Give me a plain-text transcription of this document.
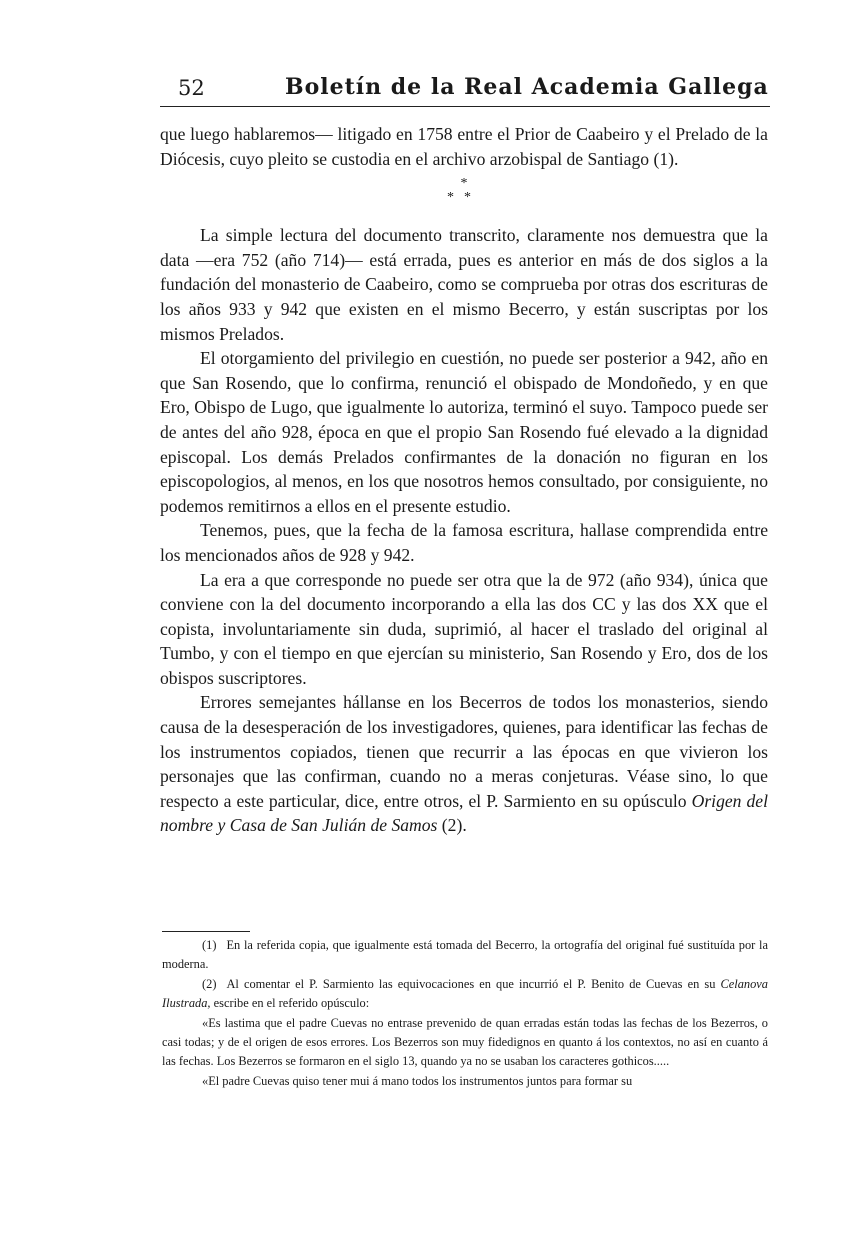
52	Boletín de la Real Academia Gallega

que luego hablaremos— litigado en 1758 entre el Prior de Caabeiro y el Prelado de la Diócesis, cuyo pleito se custodia en el archivo arzobispal de Santiago (1).

*
**

La simple lectura del documento transcrito, claramente nos demuestra que la data —era 752 (año 714)— está errada, pues es anterior en más de dos siglos a la fundación del monasterio de Caabeiro, como se comprueba por otras dos escrituras de los años 933 y 942 que existen en el mismo Becerro, y están suscriptas por los mismos Prelados.

El otorgamiento del privilegio en cuestión, no puede ser posterior a 942, año en que San Rosendo, que lo confirma, renunció el obispado de Mondoñedo, y en que Ero, Obispo de Lugo, que igualmente lo autoriza, terminó el suyo. Tampoco puede ser de antes del año 928, época en que el propio San Rosendo fué elevado a la dignidad episcopal. Los demás Prelados confirmantes de la donación no figuran en los episcopologios, al menos, en los que nosotros hemos consultado, por consiguiente, no podemos remitirnos a ellos en el presente estudio.

Tenemos, pues, que la fecha de la famosa escritura, hallase comprendida entre los mencionados años de 928 y 942.

La era a que corresponde no puede ser otra que la de 972 (año 934), única que conviene con la del documento incorporando a ella las dos CC y las dos XX que el copista, involuntariamente sin duda, suprimió, al hacer el traslado del original al Tumbo, y con el tiempo en que ejercían su ministerio, San Rosendo y Ero, dos de los obispos suscriptores.

Errores semejantes hállanse en los Becerros de todos los monasterios, siendo causa de la desesperación de los investigadores, quienes, para identificar las fechas de los instrumentos copiados, tienen que recurrir a las épocas en que vivieron los personajes que las confirman, cuando no a meras conjeturas. Véase sino, lo que respecto a este particular, dice, entre otros, el P. Sarmiento en su opúsculo Origen del nombre y Casa de San Julián de Samos (2).

(1) En la referida copia, que igualmente está tomada del Becerro, la ortografía del original fué sustituída por la moderna.

(2) Al comentar el P. Sarmiento las equivocaciones en que incurrió el P. Benito de Cuevas en su Celanova Ilustrada, escribe en el referido opúsculo:

«Es lastima que el padre Cuevas no entrase prevenido de quan erradas están todas las fechas de los Bezerros, o casi todas; y de el origen de esos errores. Los Bezerros son muy fidedignos en quanto á los contextos, no así en cuanto á las fechas. Los Bezerros se formaron en el siglo 13, quando ya no se usaban los caracteres gothicos.....

«El padre Cuevas quiso tener mui á mano todos los instrumentos juntos para formar su
